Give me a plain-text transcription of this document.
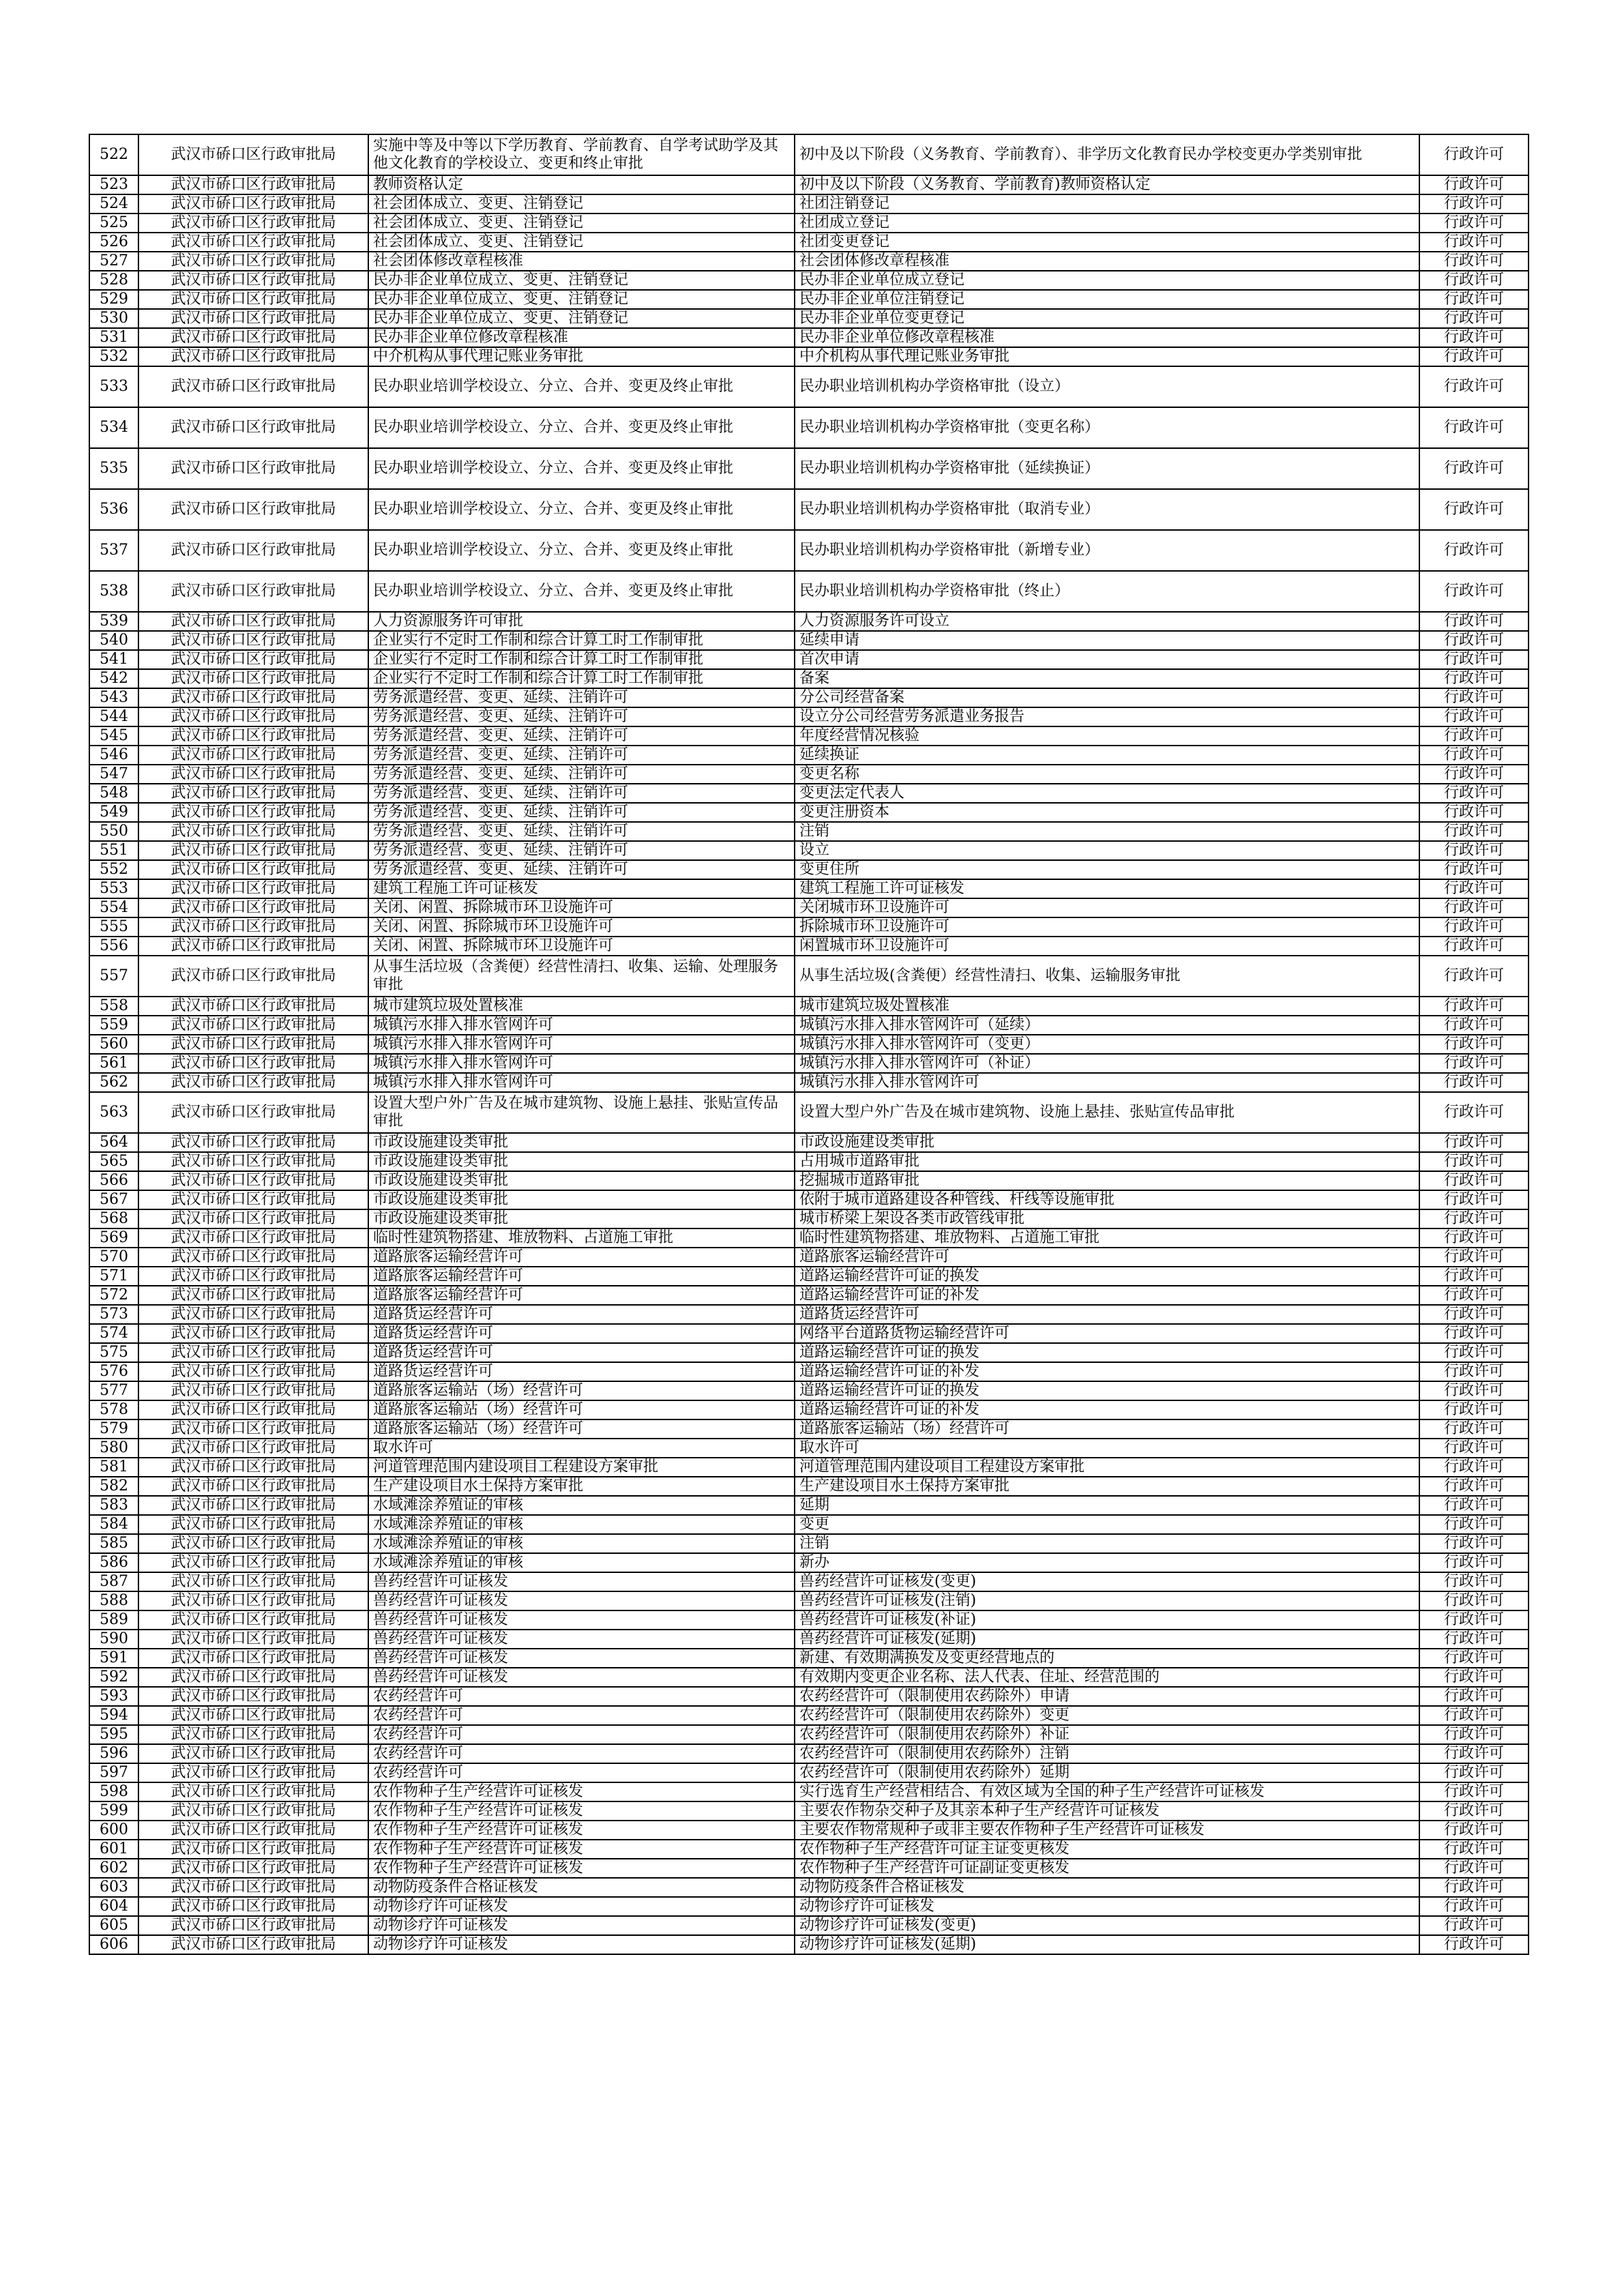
522	武汉市硚口区行政审批局	实施中等及中等以下学历教育、学前教育、自学考试助学及其他文化教育的学校设立、变更和终止审批	初中及以下阶段（义务教育、学前教育）、非学历文化教育民办学校变更办学类别审批	行政许可
523	武汉市硚口区行政审批局	教师资格认定	初中及以下阶段（义务教育、学前教育)教师资格认定	行政许可
524	武汉市硚口区行政审批局	社会团体成立、变更、注销登记	社团注销登记	行政许可
525	武汉市硚口区行政审批局	社会团体成立、变更、注销登记	社团成立登记	行政许可
526	武汉市硚口区行政审批局	社会团体成立、变更、注销登记	社团变更登记	行政许可
527	武汉市硚口区行政审批局	社会团体修改章程核准	社会团体修改章程核准	行政许可
528	武汉市硚口区行政审批局	民办非企业单位成立、变更、注销登记	民办非企业单位成立登记	行政许可
529	武汉市硚口区行政审批局	民办非企业单位成立、变更、注销登记	民办非企业单位注销登记	行政许可
530	武汉市硚口区行政审批局	民办非企业单位成立、变更、注销登记	民办非企业单位变更登记	行政许可
531	武汉市硚口区行政审批局	民办非企业单位修改章程核准	民办非企业单位修改章程核准	行政许可
532	武汉市硚口区行政审批局	中介机构从事代理记账业务审批	中介机构从事代理记账业务审批	行政许可
533	武汉市硚口区行政审批局	民办职业培训学校设立、分立、合并、变更及终止审批	民办职业培训机构办学资格审批（设立）	行政许可
534	武汉市硚口区行政审批局	民办职业培训学校设立、分立、合并、变更及终止审批	民办职业培训机构办学资格审批（变更名称）	行政许可
535	武汉市硚口区行政审批局	民办职业培训学校设立、分立、合并、变更及终止审批	民办职业培训机构办学资格审批（延续换证）	行政许可
536	武汉市硚口区行政审批局	民办职业培训学校设立、分立、合并、变更及终止审批	民办职业培训机构办学资格审批（取消专业）	行政许可
537	武汉市硚口区行政审批局	民办职业培训学校设立、分立、合并、变更及终止审批	民办职业培训机构办学资格审批（新增专业）	行政许可
538	武汉市硚口区行政审批局	民办职业培训学校设立、分立、合并、变更及终止审批	民办职业培训机构办学资格审批（终止）	行政许可
539	武汉市硚口区行政审批局	人力资源服务许可审批	人力资源服务许可设立	行政许可
540	武汉市硚口区行政审批局	企业实行不定时工作制和综合计算工时工作制审批	延续申请	行政许可
541	武汉市硚口区行政审批局	企业实行不定时工作制和综合计算工时工作制审批	首次申请	行政许可
542	武汉市硚口区行政审批局	企业实行不定时工作制和综合计算工时工作制审批	备案	行政许可
543	武汉市硚口区行政审批局	劳务派遣经营、变更、延续、注销许可	分公司经营备案	行政许可
544	武汉市硚口区行政审批局	劳务派遣经营、变更、延续、注销许可	设立分公司经营劳务派遣业务报告	行政许可
545	武汉市硚口区行政审批局	劳务派遣经营、变更、延续、注销许可	年度经营情况核验	行政许可
546	武汉市硚口区行政审批局	劳务派遣经营、变更、延续、注销许可	延续换证	行政许可
547	武汉市硚口区行政审批局	劳务派遣经营、变更、延续、注销许可	变更名称	行政许可
548	武汉市硚口区行政审批局	劳务派遣经营、变更、延续、注销许可	变更法定代表人	行政许可
549	武汉市硚口区行政审批局	劳务派遣经营、变更、延续、注销许可	变更注册资本	行政许可
550	武汉市硚口区行政审批局	劳务派遣经营、变更、延续、注销许可	注销	行政许可
551	武汉市硚口区行政审批局	劳务派遣经营、变更、延续、注销许可	设立	行政许可
552	武汉市硚口区行政审批局	劳务派遣经营、变更、延续、注销许可	变更住所	行政许可
553	武汉市硚口区行政审批局	建筑工程施工许可证核发	建筑工程施工许可证核发	行政许可
554	武汉市硚口区行政审批局	关闭、闲置、拆除城市环卫设施许可	关闭城市环卫设施许可	行政许可
555	武汉市硚口区行政审批局	关闭、闲置、拆除城市环卫设施许可	拆除城市环卫设施许可	行政许可
556	武汉市硚口区行政审批局	关闭、闲置、拆除城市环卫设施许可	闲置城市环卫设施许可	行政许可
557	武汉市硚口区行政审批局	从事生活垃圾（含粪便）经营性清扫、收集、运输、处理服务审批	从事生活垃圾(含粪便）经营性清扫、收集、运输服务审批	行政许可
558	武汉市硚口区行政审批局	城市建筑垃圾处置核准	城市建筑垃圾处置核准	行政许可
559	武汉市硚口区行政审批局	城镇污水排入排水管网许可	城镇污水排入排水管网许可（延续）	行政许可
560	武汉市硚口区行政审批局	城镇污水排入排水管网许可	城镇污水排入排水管网许可（变更）	行政许可
561	武汉市硚口区行政审批局	城镇污水排入排水管网许可	城镇污水排入排水管网许可（补证）	行政许可
562	武汉市硚口区行政审批局	城镇污水排入排水管网许可	城镇污水排入排水管网许可	行政许可
563	武汉市硚口区行政审批局	设置大型户外广告及在城市建筑物、设施上悬挂、张贴宣传品审批	设置大型户外广告及在城市建筑物、设施上悬挂、张贴宣传品审批	行政许可
564	武汉市硚口区行政审批局	市政设施建设类审批	市政设施建设类审批	行政许可
565	武汉市硚口区行政审批局	市政设施建设类审批	占用城市道路审批	行政许可
566	武汉市硚口区行政审批局	市政设施建设类审批	挖掘城市道路审批	行政许可
567	武汉市硚口区行政审批局	市政设施建设类审批	依附于城市道路建设各种管线、杆线等设施审批	行政许可
568	武汉市硚口区行政审批局	市政设施建设类审批	城市桥梁上架设各类市政管线审批	行政许可
569	武汉市硚口区行政审批局	临时性建筑物搭建、堆放物料、占道施工审批	临时性建筑物搭建、堆放物料、占道施工审批	行政许可
570	武汉市硚口区行政审批局	道路旅客运输经营许可	道路旅客运输经营许可	行政许可
571	武汉市硚口区行政审批局	道路旅客运输经营许可	道路运输经营许可证的换发	行政许可
572	武汉市硚口区行政审批局	道路旅客运输经营许可	道路运输经营许可证的补发	行政许可
573	武汉市硚口区行政审批局	道路货运经营许可	道路货运经营许可	行政许可
574	武汉市硚口区行政审批局	道路货运经营许可	网络平台道路货物运输经营许可	行政许可
575	武汉市硚口区行政审批局	道路货运经营许可	道路运输经营许可证的换发	行政许可
576	武汉市硚口区行政审批局	道路货运经营许可	道路运输经营许可证的补发	行政许可
577	武汉市硚口区行政审批局	道路旅客运输站（场）经营许可	道路运输经营许可证的换发	行政许可
578	武汉市硚口区行政审批局	道路旅客运输站（场）经营许可	道路运输经营许可证的补发	行政许可
579	武汉市硚口区行政审批局	道路旅客运输站（场）经营许可	道路旅客运输站（场）经营许可	行政许可
580	武汉市硚口区行政审批局	取水许可	取水许可	行政许可
581	武汉市硚口区行政审批局	河道管理范围内建设项目工程建设方案审批	河道管理范围内建设项目工程建设方案审批	行政许可
582	武汉市硚口区行政审批局	生产建设项目水土保持方案审批	生产建设项目水土保持方案审批	行政许可
583	武汉市硚口区行政审批局	水域滩涂养殖证的审核	延期	行政许可
584	武汉市硚口区行政审批局	水域滩涂养殖证的审核	变更	行政许可
585	武汉市硚口区行政审批局	水域滩涂养殖证的审核	注销	行政许可
586	武汉市硚口区行政审批局	水域滩涂养殖证的审核	新办	行政许可
587	武汉市硚口区行政审批局	兽药经营许可证核发	兽药经营许可证核发(变更)	行政许可
588	武汉市硚口区行政审批局	兽药经营许可证核发	兽药经营许可证核发(注销)	行政许可
589	武汉市硚口区行政审批局	兽药经营许可证核发	兽药经营许可证核发(补证)	行政许可
590	武汉市硚口区行政审批局	兽药经营许可证核发	兽药经营许可证核发(延期)	行政许可
591	武汉市硚口区行政审批局	兽药经营许可证核发	新建、有效期满换发及变更经营地点的	行政许可
592	武汉市硚口区行政审批局	兽药经营许可证核发	有效期内变更企业名称、法人代表、住址、经营范围的	行政许可
593	武汉市硚口区行政审批局	农药经营许可	农药经营许可（限制使用农药除外）申请	行政许可
594	武汉市硚口区行政审批局	农药经营许可	农药经营许可（限制使用农药除外）变更	行政许可
595	武汉市硚口区行政审批局	农药经营许可	农药经营许可（限制使用农药除外）补证	行政许可
596	武汉市硚口区行政审批局	农药经营许可	农药经营许可（限制使用农药除外）注销	行政许可
597	武汉市硚口区行政审批局	农药经营许可	农药经营许可（限制使用农药除外）延期	行政许可
598	武汉市硚口区行政审批局	农作物种子生产经营许可证核发	实行选育生产经营相结合、有效区域为全国的种子生产经营许可证核发	行政许可
599	武汉市硚口区行政审批局	农作物种子生产经营许可证核发	主要农作物杂交种子及其亲本种子生产经营许可证核发	行政许可
600	武汉市硚口区行政审批局	农作物种子生产经营许可证核发	主要农作物常规种子或非主要农作物种子生产经营许可证核发	行政许可
601	武汉市硚口区行政审批局	农作物种子生产经营许可证核发	农作物种子生产经营许可证主证变更核发	行政许可
602	武汉市硚口区行政审批局	农作物种子生产经营许可证核发	农作物种子生产经营许可证副证变更核发	行政许可
603	武汉市硚口区行政审批局	动物防疫条件合格证核发	动物防疫条件合格证核发	行政许可
604	武汉市硚口区行政审批局	动物诊疗许可证核发	动物诊疗许可证核发	行政许可
605	武汉市硚口区行政审批局	动物诊疗许可证核发	动物诊疗许可证核发(变更)	行政许可
606	武汉市硚口区行政审批局	动物诊疗许可证核发	动物诊疗许可证核发(延期)	行政许可
